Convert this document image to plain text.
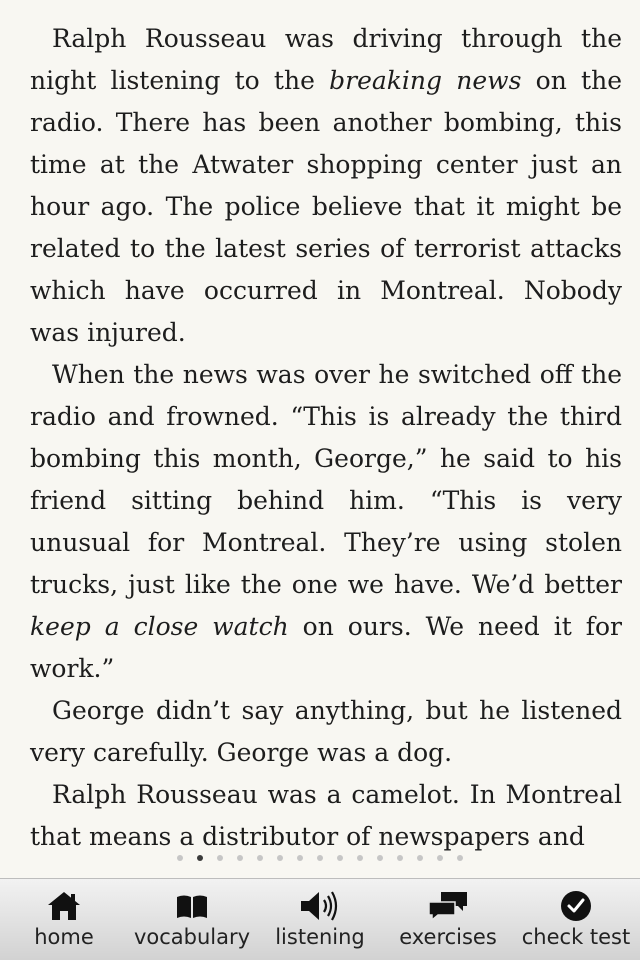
Ralph Rousseau was driving through the night listening to the breaking news on the radio. There has been another bombing, this time at the Atwater shopping center just an hour ago. The police believe that it might be related to the latest series of terrorist attacks which have occurred in Montreal. Nobody was injured.

When the news was over he switched off the radio and frowned. “This is already the third bombing this month, George,” he said to his friend sitting behind him. “This is very unusual for Montreal. They’re using stolen trucks, just like the one we have. We’d better keep a close watch on ours. We need it for work.”

George didn’t say anything, but he listened very carefully. George was a dog.

Ralph Rousseau was a camelot. In Montreal that means a distributor of newspapers and

home vocabulary listening exercises check test
